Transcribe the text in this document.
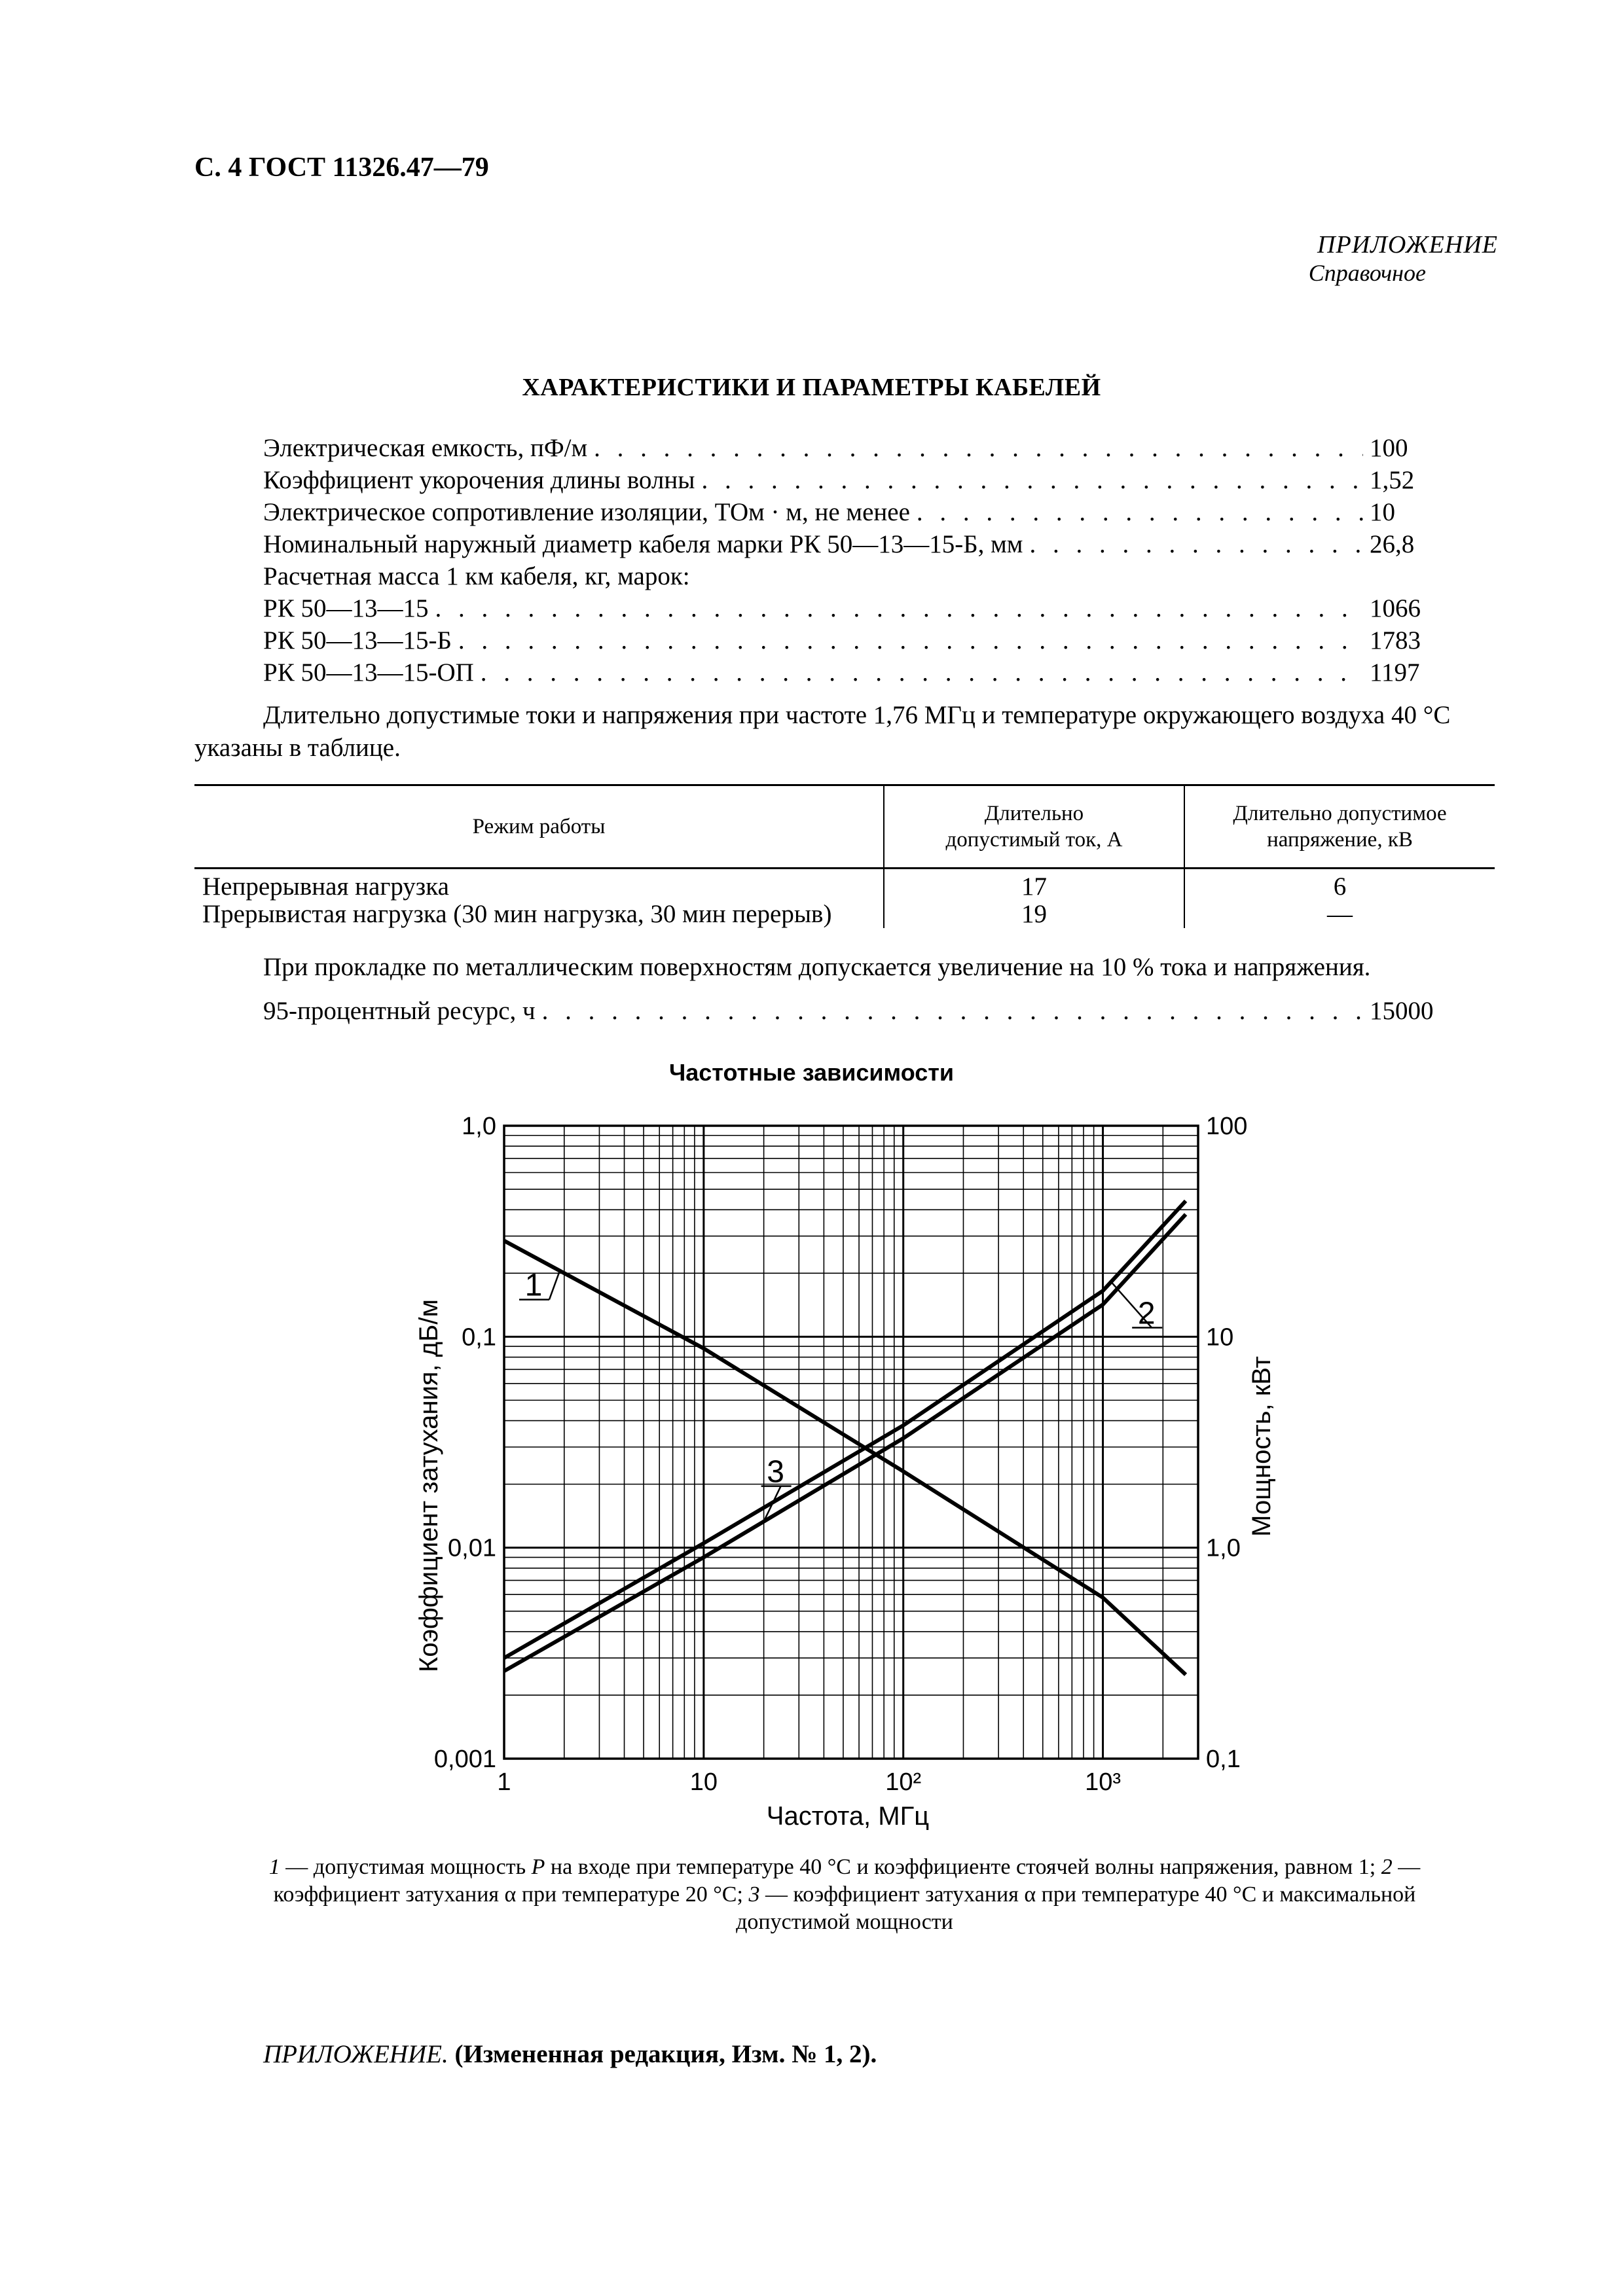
С. 4 ГОСТ 11326.47—79
ПРИЛОЖЕНИЕ
Справочное
ХАРАКТЕРИСТИКИ И ПАРАМЕТРЫ КАБЕЛЕЙ
Электрическая емкость, пФ/м . . .	100
Коэффициент укорочения длины волны . . .	1,52
Электрическое сопротивление изоляции, ТОм · м, не менее . . .	10
Номинальный наружный диаметр кабеля марки РК 50—13—15-Б, мм . . .	26,8
Расчетная масса 1 км кабеля, кг, марок:
РК 50—13—15 . . .	1066
РК 50—13—15-Б . . .	1783
РК 50—13—15-ОП . . .	1197
Длительно допустимые токи и напряжения при частоте 1,76 МГц и температуре окружающего воздуха 40 °С указаны в таблице.
Режим работы	Длительно допустимый ток, А	Длительно допустимое напряжение, кВ

Непрерывная нагрузка	17	6
Прерывистая нагрузка (30 мин нагрузка, 30 мин перерыв)	19	—
При прокладке по металлическим поверхностям допускается увеличение на 10 % тока и напряжения.
95-процентный ресурс, ч . . .	15000
Частотные зависимости
1	10	10²	10³
0,001
0,01
0,1
1,0
0,1
1,0
10
100
1
2
3
Частота, МГц
Коэффициент затухания, дБ/м	Мощность, кВт
1 — допустимая мощность P на входе при температуре 40 °С и коэффициенте стоячей волны напряжения, равном 1; 2 — коэффициент затухания α при температуре 20 °С; 3 — коэффициент затухания α при температуре 40 °С и максимальной допустимой мощности
ПРИЛОЖЕНИЕ. (Измененная редакция, Изм. № 1, 2).
